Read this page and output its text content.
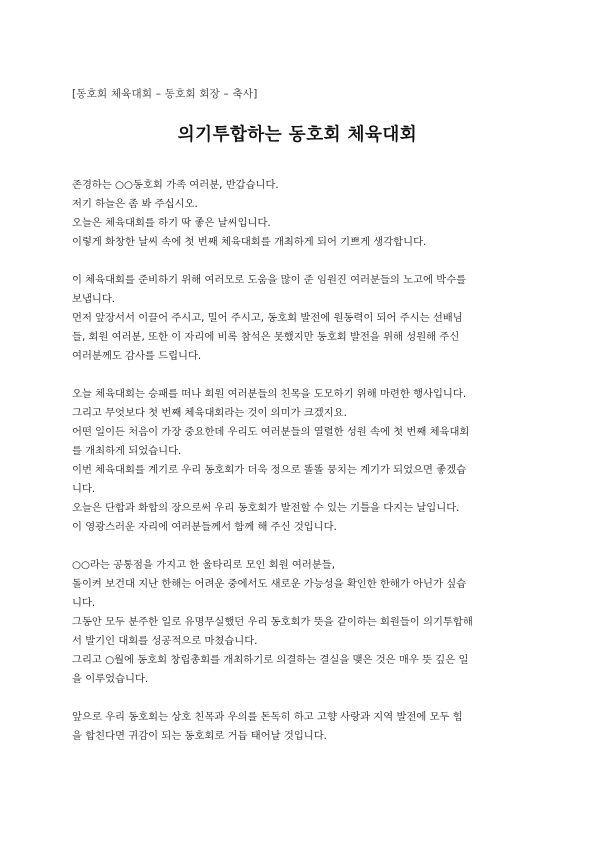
[동호회 체육대회 – 동호회 회장 – 축사]
의기투합하는 동호회 체육대회
존경하는 ○○동호회 가족 여러분, 반갑습니다.
저기 하늘은 좀 봐 주십시오.
오늘은 체육대회를 하기 딱 좋은 날씨입니다.
이렇게 화창한 날씨 속에 첫 번째 체육대회를 개최하게 되어 기쁘게 생각합니다.
이 체육대회를 준비하기 위해 여러모로 도움을 많이 준 임원진 여러분들의 노고에 박수를
보냅니다.
먼저 앞장서서 이끌어 주시고, 밀어 주시고, 동호회 발전에 원동력이 되어 주시는 선배님
들, 회원 여러분, 또한 이 자리에 비록 참석은 못했지만 동호회 발전을 위해 성원해 주신
여러분께도 감사를 드립니다.
오늘 체육대회는 승패를 떠나 회원 여러분들의 친목을 도모하기 위해 마련한 행사입니다.
그리고 무엇보다 첫 번째 체육대회라는 것이 의미가 크겠지요.
어떤 일이든 처음이 가장 중요한데 우리도 여러분들의 열렬한 성원 속에 첫 번째 체육대회
를 개최하게 되었습니다.
이번 체육대회를 계기로 우리 동호회가 더욱 정으로 똘똘 뭉치는 계기가 되었으면 좋겠습
니다.
오늘은 단합과 화합의 장으로써 우리 동호회가 발전할 수 있는 기틀을 다지는 날입니다.
이 영광스러운 자리에 여러분들께서 함께 해 주신 것입니다.
○○라는 공통점을 가지고 한 울타리로 모인 회원 여러분들,
돌이켜 보건대 지난 한해는 어려운 중에서도 새로운 가능성을 확인한 한해가 아닌가 싶습
니다.
그동안 모두 분주한 일로 유명무실했던 우리 동호회가 뜻을 같이하는 회원들이 의기투합해
서 발기인 대회를 성공적으로 마쳤습니다.
그리고 ○월에 동호회 창립총회를 개최하기로 의결하는 결실을 맺은 것은 매우 뜻 깊은 일
을 이루었습니다.
앞으로 우리 동호회는 상호 친목과 우의를 돈독히 하고 고향 사랑과 지역 발전에 모두 힘
을 합친다면 귀감이 되는 동호회로 거듭 태어날 것입니다.
